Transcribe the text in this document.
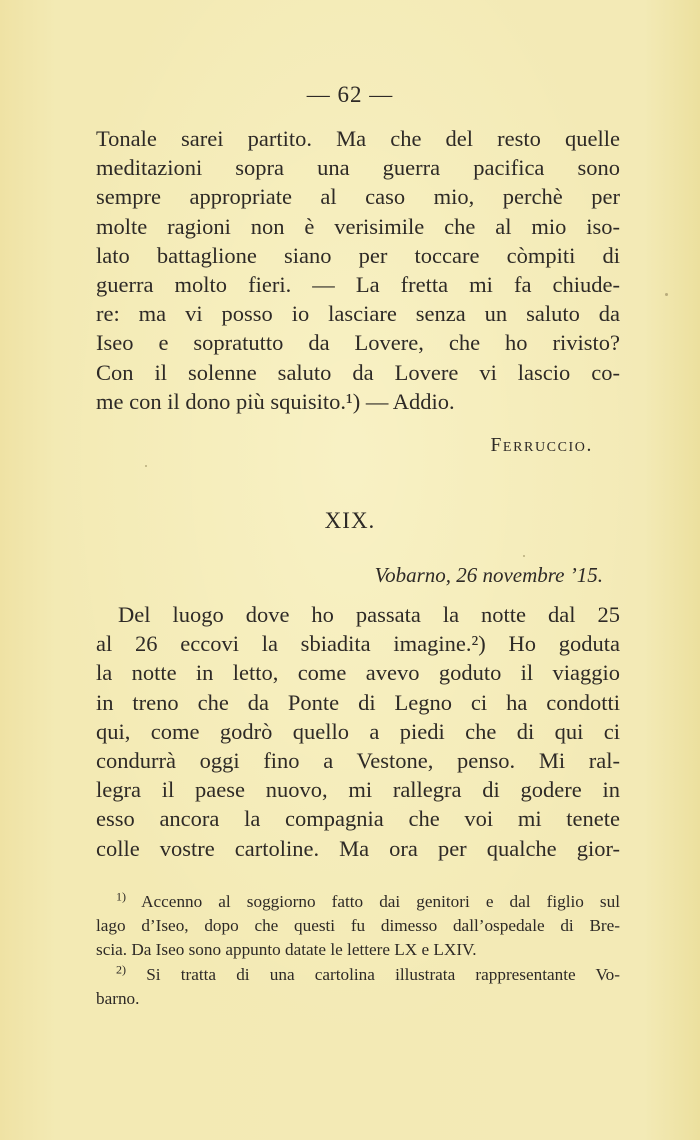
— 62 —
Tonale sarei partito. Ma che del resto quelle
meditazioni sopra una guerra pacifica sono
sempre appropriate al caso mio, perchè per
molte ragioni non è verisimile che al mio iso-
lato battaglione siano per toccare còmpiti di
guerra molto fieri. — La fretta mi fa chiude-
re: ma vi posso io lasciare senza un saluto da
Iseo e sopratutto da Lovere, che ho rivisto?
Con il solenne saluto da Lovere vi lascio co-
me con il dono più squisito.¹) — Addio.
Ferruccio.
XIX.
Vobarno, 26 novembre ’15.
Del luogo dove ho passata la notte dal 25
al 26 eccovi la sbiadita imagine.²) Ho goduta
la notte in letto, come avevo goduto il viaggio
in treno che da Ponte di Legno ci ha condotti
qui, come godrò quello a piedi che di qui ci
condurrà oggi fino a Vestone, penso. Mi ral-
legra il paese nuovo, mi rallegra di godere in
esso ancora la compagnia che voi mi tenete
colle vostre cartoline. Ma ora per qualche gior-
$^{1)}$ Accenno al soggiorno fatto dai genitori e dal figlio sul
lago d’Iseo, dopo che questi fu dimesso dall’ospedale di Bre-
scia. Da Iseo sono appunto datate le lettere LX e LXIV.
$^{2)}$ Si tratta di una cartolina illustrata rappresentante Vo-
barno.
